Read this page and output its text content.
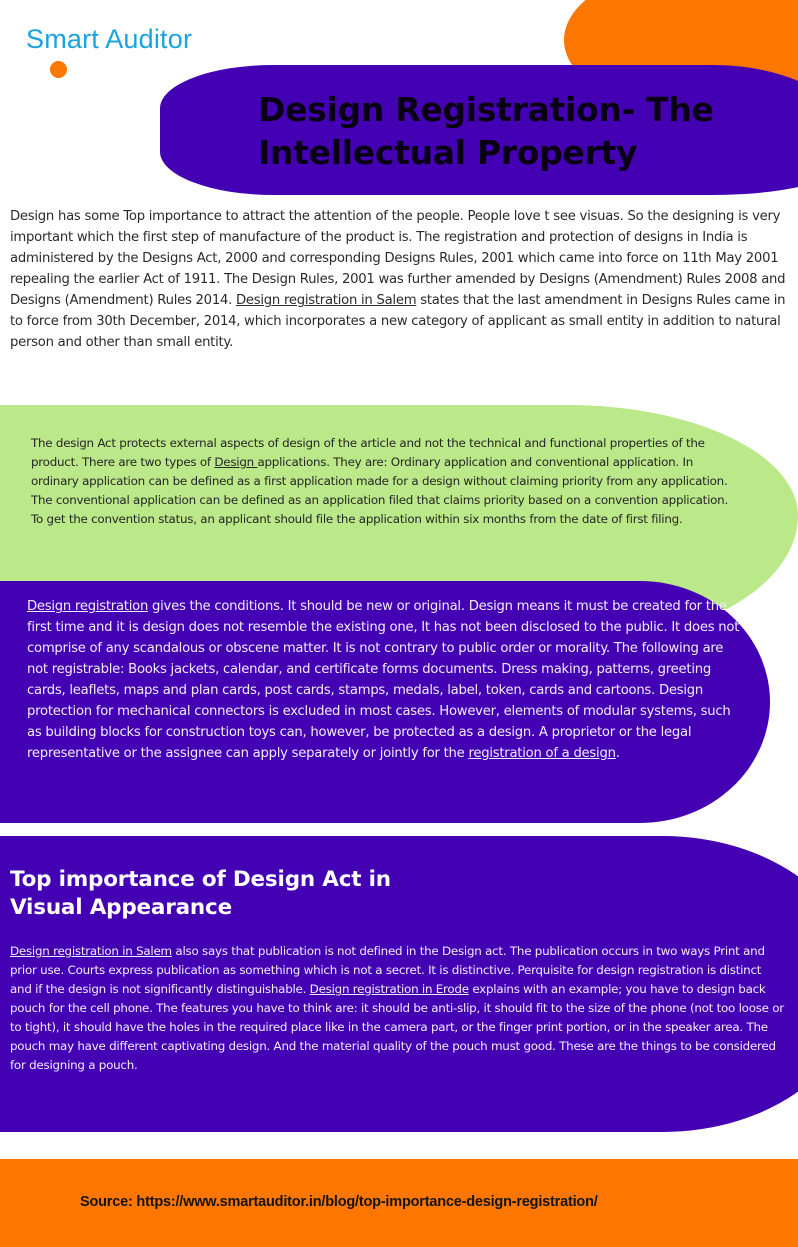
Smart Auditor
Design Registration- The Intellectual Property

Design has some Top importance to attract the attention of the people. People love t see visuas. So the designing is very important which the first step of manufacture of the product is. The registration and protection of designs in India is administered by the Designs Act, 2000 and corresponding Designs Rules, 2001 which came into force on 11th May 2001 repealing the earlier Act of 1911. The Design Rules, 2001 was further amended by Designs (Amendment) Rules 2008 and Designs (Amendment) Rules 2014. Design registration in Salem states that the last amendment in Designs Rules came in to force from 30th December, 2014, which incorporates a new category of applicant as small entity in addition to natural person and other than small entity.

The design Act protects external aspects of design of the article and not the technical and functional properties of the product. There are two types of Design applications. They are: Ordinary application and conventional application. In ordinary application can be defined as a first application made for a design without claiming priority from any application. The conventional application can be defined as an application filed that claims priority based on a convention application. To get the convention status, an applicant should file the application within six months from the date of first filing.

Design registration gives the conditions. It should be new or original. Design means it must be created for the first time and it is design does not resemble the existing one, It has not been disclosed to the public. It does not comprise of any scandalous or obscene matter. It is not contrary to public order or morality. The following are not registrable: Books jackets, calendar, and certificate forms documents. Dress making, patterns, greeting cards, leaflets, maps and plan cards, post cards, stamps, medals, label, token, cards and cartoons. Design protection for mechanical connectors is excluded in most cases. However, elements of modular systems, such as building blocks for construction toys can, however, be protected as a design. A proprietor or the legal representative or the assignee can apply separately or jointly for the registration of a design.

Top importance of Design Act in Visual Appearance

Design registration in Salem also says that publication is not defined in the Design act. The publication occurs in two ways Print and prior use. Courts express publication as something which is not a secret. It is distinctive. Perquisite for design registration is distinct and if the design is not significantly distinguishable. Design registration in Erode explains with an example; you have to design back pouch for the cell phone. The features you have to think are: it should be anti-slip, it should fit to the size of the phone (not too loose or to tight), it should have the holes in the required place like in the camera part, or the finger print portion, or in the speaker area. The pouch may have different captivating design. And the material quality of the pouch must good. These are the things to be considered for designing a pouch.

Source: https://www.smartauditor.in/blog/top-importance-design-registration/
